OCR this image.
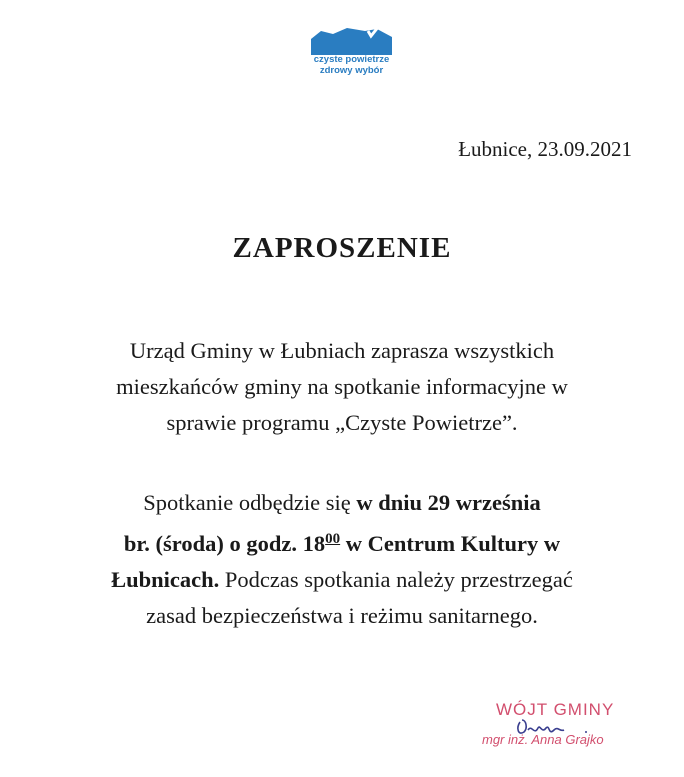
czyste powietrze
zdrowy wybór
Łubnice, 23.09.2021
ZAPROSZENIE
Urząd Gminy w Łubniach zaprasza wszystkich
mieszkańców gminy na spotkanie informacyjne w
sprawie programu „Czyste Powietrze”.
Spotkanie odbędzie się w dniu 29 września
br. (środa) o godz. $18^{00}$ w Centrum Kultury w
Łubnicach. Podczas spotkania należy przestrzegać
zasad bezpieczeństwa i reżimu sanitarnego.
WÓJT GMINY
mgr inż. Anna Grajko
